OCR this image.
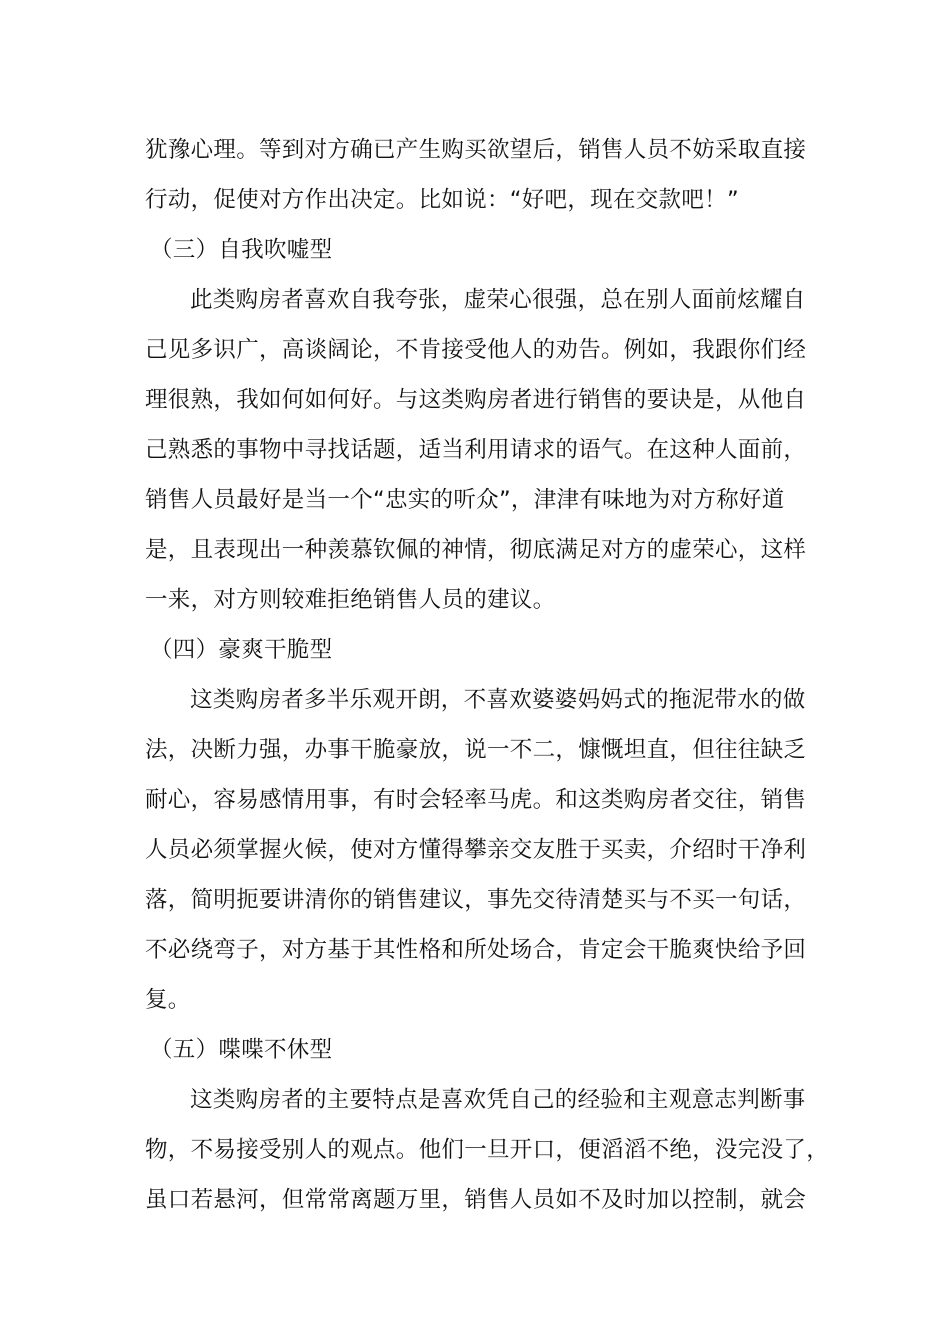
犹豫心理。等到对方确已产生购买欲望后，销售人员不妨采取直接
行动，促使对方作出决定。比如说：“好吧，现在交款吧！”
（三）自我吹嘘型
此类购房者喜欢自我夸张，虚荣心很强，总在别人面前炫耀自
己见多识广，高谈阔论，不肯接受他人的劝告。例如，我跟你们经
理很熟，我如何如何好。与这类购房者进行销售的要诀是，从他自
己熟悉的事物中寻找话题，适当利用请求的语气。在这种人面前，
销售人员最好是当一个“忠实的听众”，津津有味地为对方称好道
是，且表现出一种羡慕钦佩的神情，彻底满足对方的虚荣心，这样
一来，对方则较难拒绝销售人员的建议。
（四）豪爽干脆型
这类购房者多半乐观开朗，不喜欢婆婆妈妈式的拖泥带水的做
法，决断力强，办事干脆豪放，说一不二，慷慨坦直，但往往缺乏
耐心，容易感情用事，有时会轻率马虎。和这类购房者交往，销售
人员必须掌握火候，使对方懂得攀亲交友胜于买卖，介绍时干净利
落，简明扼要讲清你的销售建议，事先交待清楚买与不买一句话，
不必绕弯子，对方基于其性格和所处场合，肯定会干脆爽快给予回
复。
（五）喋喋不休型
这类购房者的主要特点是喜欢凭自己的经验和主观意志判断事
物，不易接受别人的观点。他们一旦开口，便滔滔不绝，没完没了，
虽口若悬河，但常常离题万里，销售人员如不及时加以控制，就会
